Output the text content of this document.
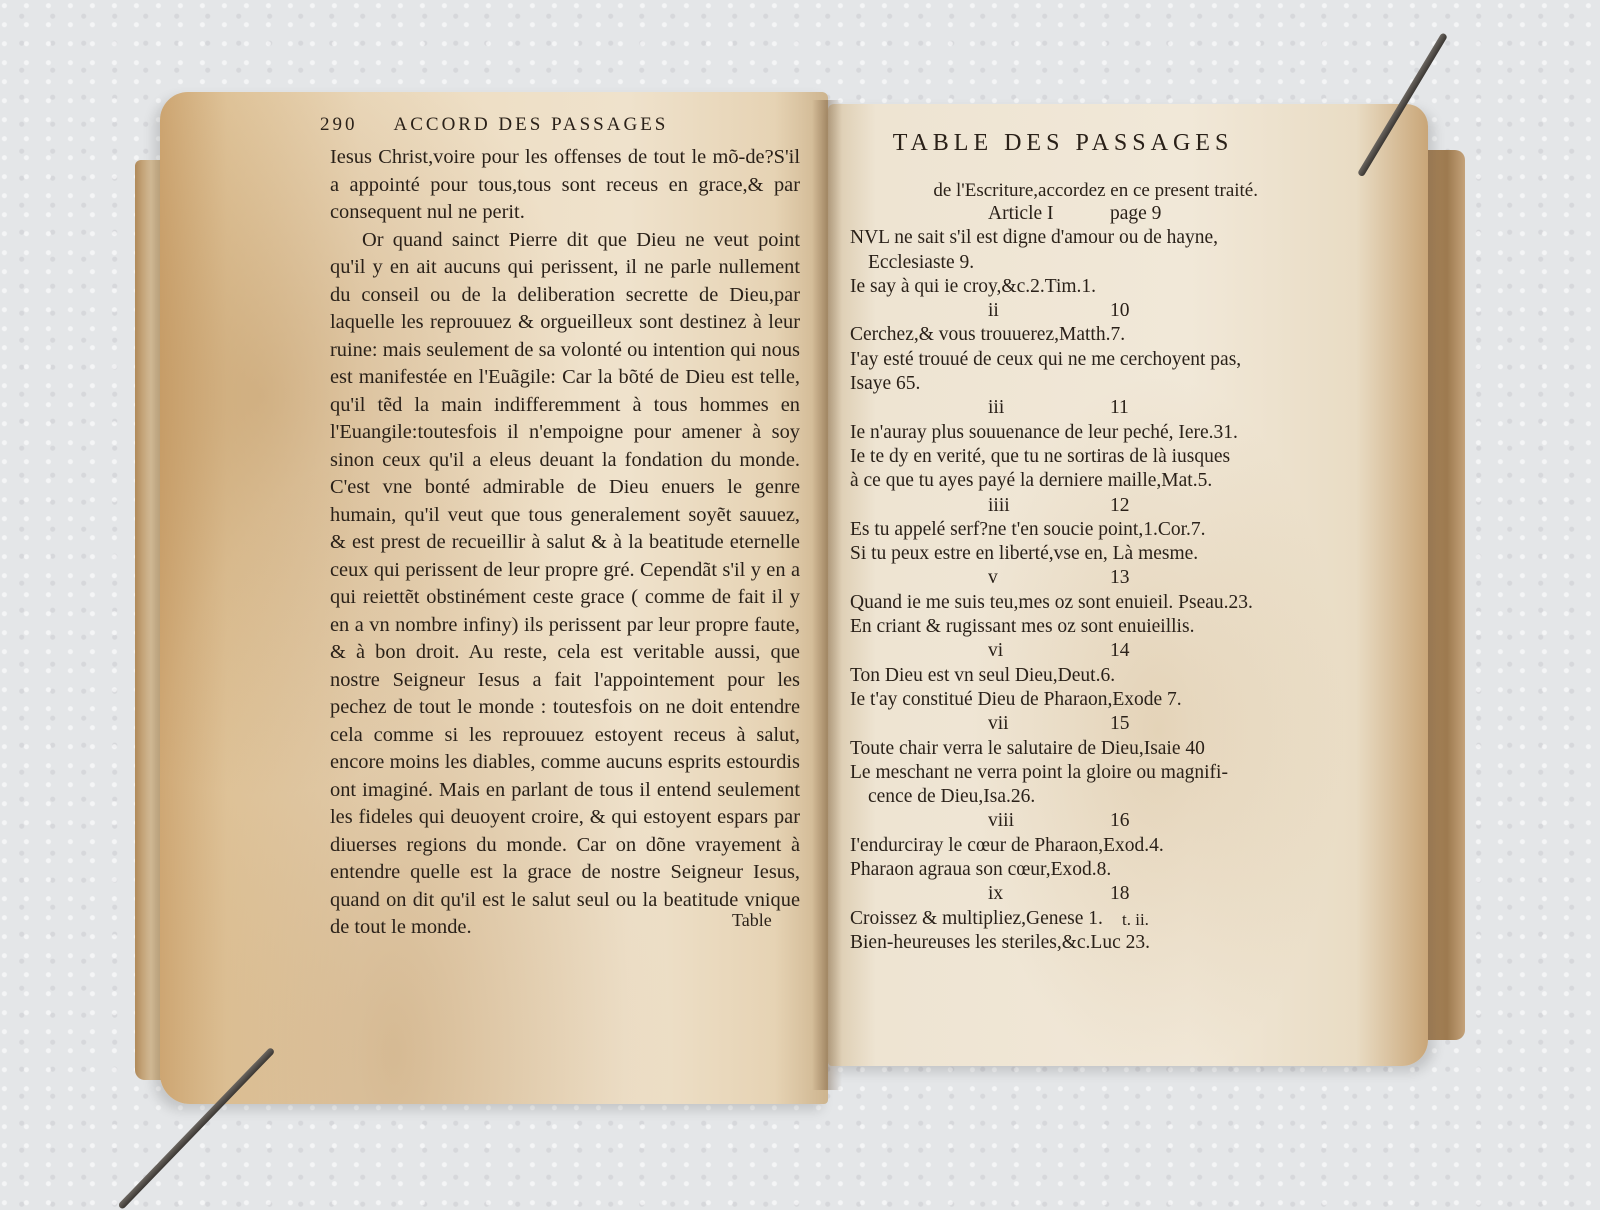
290 ACCORD DES PASSAGES

Iesus Christ,voire pour les offenses de tout le mõ-de?S'il a appointé pour tous,tous sont receus en grace,& par consequent nul ne perit.

Or quand sainct Pierre dit que Dieu ne veut point qu'il y en ait aucuns qui perissent, il ne parle nullement du conseil ou de la deliberation secrette de Dieu,par laquelle les reprouuez & orgueilleux sont destinez à leur ruine: mais seulement de sa volonté ou intention qui nous est manifestée en l'Euãgile: Car la bõté de Dieu est telle, qu'il tẽd la main indifferemment à tous hommes en l'Euangile:toutesfois il n'empoigne pour amener à soy sinon ceux qu'il a eleus deuant la fondation du monde. C'est vne bonté admirable de Dieu enuers le genre humain, qu'il veut que tous generalement soyẽt sauuez, & est prest de recueillir à salut & à la beatitude eternelle ceux qui perissent de leur propre gré. Cependãt s'il y en a qui reiettẽt obstinément ceste grace ( comme de fait il y en a vn nombre infiny) ils perissent par leur propre faute, & à bon droit. Au reste, cela est veritable aussi, que nostre Seigneur Iesus a fait l'appointement pour les pechez de tout le monde : toutesfois on ne doit entendre cela comme si les reprouuez estoyent receus à salut, encore moins les diables, comme aucuns esprits estourdis ont imaginé. Mais en parlant de tous il entend seulement les fideles qui deuoyent croire, & qui estoyent espars par diuerses regions du monde. Car on dõne vrayement à entendre quelle est la grace de nostre Seigneur Iesus, quand on dit qu'il est le salut seul ou la beatitude vnique de tout le monde.	Table
TABLE DES PASSAGES
de l'Escriture,accordez en ce present traité.
Article I	page 9
NVL ne sait s'il est digne d'amour ou de hayne,
Ecclesiaste 9.
Ie say à qui ie croy,&c.2.Tim.1.
ii	10
Cerchez,& vous trouuerez,Matth.7.
I'ay esté trouué de ceux qui ne me cerchoyent pas,
Isaye 65.
iii	11
Ie n'auray plus souuenance de leur peché, Iere.31.
Ie te dy en verité, que tu ne sortiras de là iusques
à ce que tu ayes payé la derniere maille,Mat.5.
iiii	12
Es tu appelé serf?ne t'en soucie point,1.Cor.7.
Si tu peux estre en liberté,vse en, Là mesme.
v	13
Quand ie me suis teu,mes oz sont enuieil. Pseau.23.
En criant & rugissant mes oz sont enuieillis.
vi	14
Ton Dieu est vn seul Dieu,Deut.6.
Ie t'ay constitué Dieu de Pharaon,Exode 7.
vii	15
Toute chair verra le salutaire de Dieu,Isaie 40
Le meschant ne verra point la gloire ou magnifi-
cence de Dieu,Isa.26.
viii	16
I'endurciray le cœur de Pharaon,Exod.4.
Pharaon agraua son cœur,Exod.8.
ix	18
Croissez & multipliez,Genese 1.
Bien-heureuses les steriles,&c.Luc 23.
t. ii.
